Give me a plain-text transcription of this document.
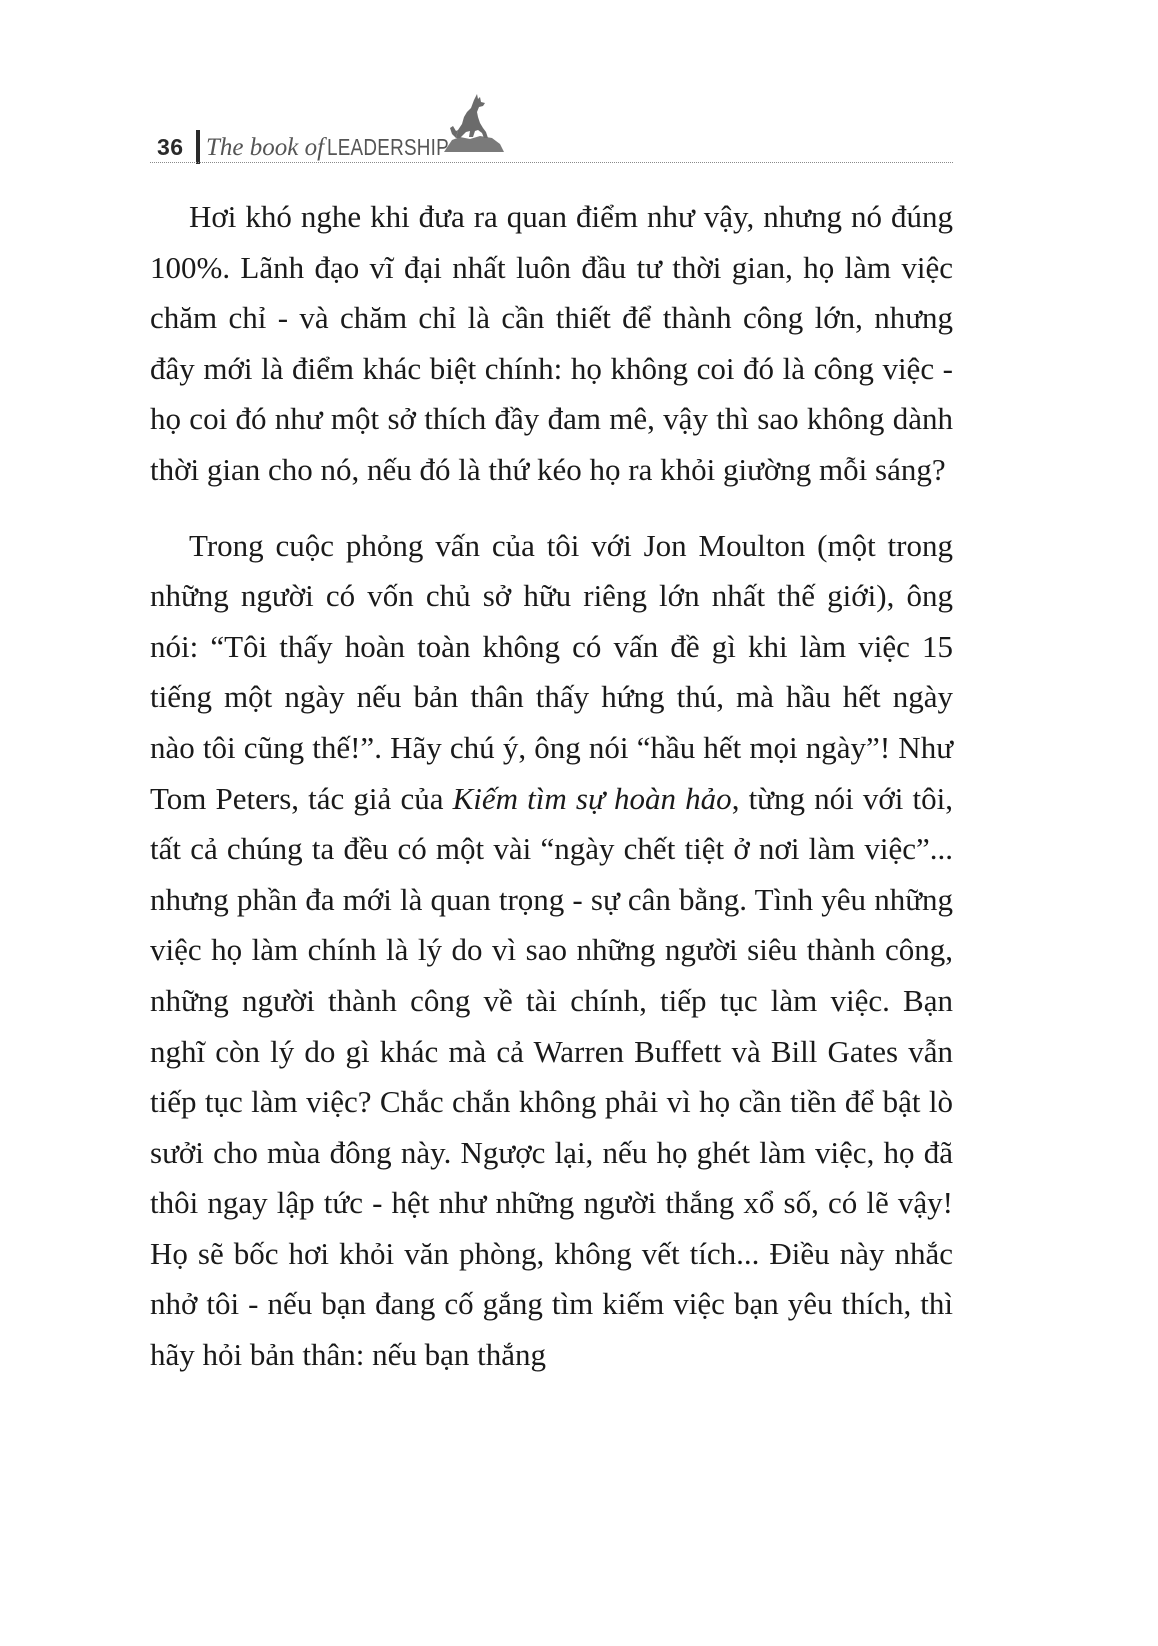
36 The book of LEADERSHIP

Hơi khó nghe khi đưa ra quan điểm như vậy, nhưng nó đúng 100%. Lãnh đạo vĩ đại nhất luôn đầu tư thời gian, họ làm việc chăm chỉ - và chăm chỉ là cần thiết để thành công lớn, nhưng đây mới là điểm khác biệt chính: họ không coi đó là công việc - họ coi đó như một sở thích đầy đam mê, vậy thì sao không dành thời gian cho nó, nếu đó là thứ kéo họ ra khỏi giường mỗi sáng?

Trong cuộc phỏng vấn của tôi với Jon Moulton (một trong những người có vốn chủ sở hữu riêng lớn nhất thế giới), ông nói: “Tôi thấy hoàn toàn không có vấn đề gì khi làm việc 15 tiếng một ngày nếu bản thân thấy hứng thú, mà hầu hết ngày nào tôi cũng thế!”. Hãy chú ý, ông nói “hầu hết mọi ngày”! Như Tom Peters, tác giả của Kiếm tìm sự hoàn hảo, từng nói với tôi, tất cả chúng ta đều có một vài “ngày chết tiệt ở nơi làm việc”... nhưng phần đa mới là quan trọng - sự cân bằng. Tình yêu những việc họ làm chính là lý do vì sao những người siêu thành công, những người thành công về tài chính, tiếp tục làm việc. Bạn nghĩ còn lý do gì khác mà cả Warren Buffett và Bill Gates vẫn tiếp tục làm việc? Chắc chắn không phải vì họ cần tiền để bật lò sưởi cho mùa đông này. Ngược lại, nếu họ ghét làm việc, họ đã thôi ngay lập tức - hệt như những người thắng xổ số, có lẽ vậy! Họ sẽ bốc hơi khỏi văn phòng, không vết tích... Điều này nhắc nhở tôi - nếu bạn đang cố gắng tìm kiếm việc bạn yêu thích, thì hãy hỏi bản thân: nếu bạn thắng
